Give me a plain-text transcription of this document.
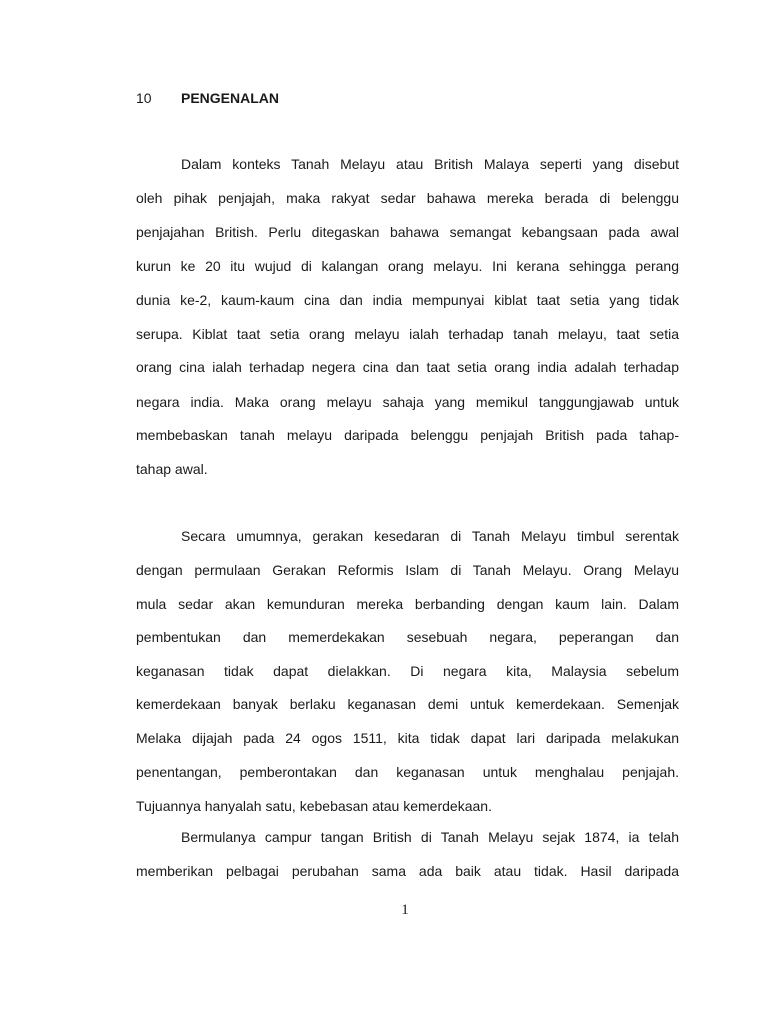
10 PENGENALAN
Dalam konteks Tanah Melayu atau British Malaya seperti yang disebut
oleh pihak penjajah, maka rakyat sedar bahawa mereka berada di belenggu
penjajahan British. Perlu ditegaskan bahawa semangat kebangsaan pada awal
kurun ke 20 itu wujud di kalangan orang melayu. Ini kerana sehingga perang
dunia ke-2, kaum-kaum cina dan india mempunyai kiblat taat setia yang tidak
serupa. Kiblat taat setia orang melayu ialah terhadap tanah melayu, taat setia
orang cina ialah terhadap negera cina dan taat setia orang india adalah terhadap
negara india. Maka orang melayu sahaja yang memikul tanggungjawab untuk
membebaskan tanah melayu daripada belenggu penjajah British pada tahap-
tahap awal.
Secara umumnya, gerakan kesedaran di Tanah Melayu timbul serentak
dengan permulaan Gerakan Reformis Islam di Tanah Melayu. Orang Melayu
mula sedar akan kemunduran mereka berbanding dengan kaum lain. Dalam
pembentukan dan memerdekakan sesebuah negara, peperangan dan
keganasan tidak dapat dielakkan. Di negara kita, Malaysia sebelum
kemerdekaan banyak berlaku keganasan demi untuk kemerdekaan. Semenjak
Melaka dijajah pada 24 ogos 1511, kita tidak dapat lari daripada melakukan
penentangan, pemberontakan dan keganasan untuk menghalau penjajah.
Tujuannya hanyalah satu, kebebasan atau kemerdekaan.
Bermulanya campur tangan British di Tanah Melayu sejak 1874, ia telah
memberikan pelbagai perubahan sama ada baik atau tidak. Hasil daripada
1
